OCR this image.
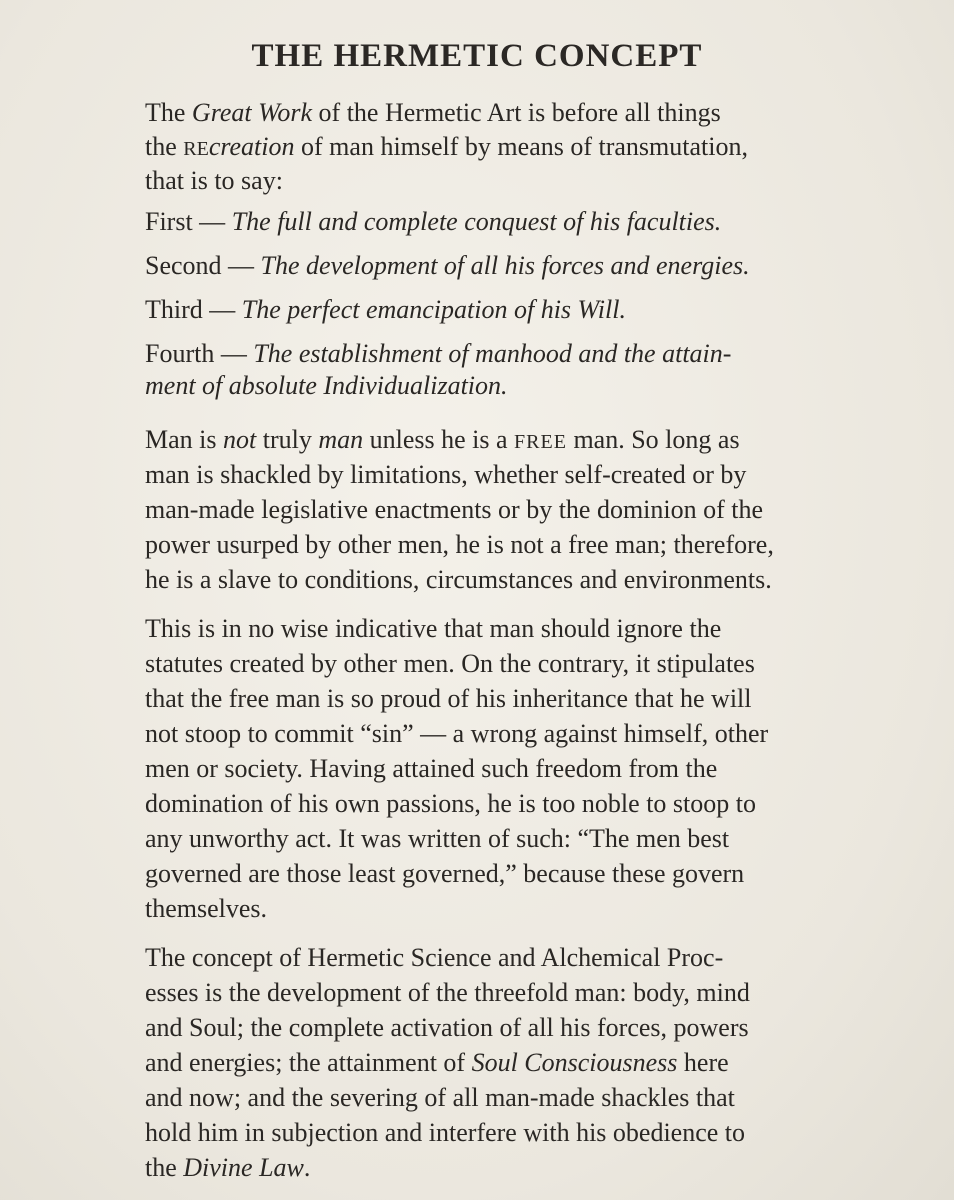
THE HERMETIC CONCEPT
The Great Work of the Hermetic Art is before all things
the REcreation of man himself by means of transmutation,
that is to say:
First — The full and complete conquest of his faculties.
Second — The development of all his forces and energies.
Third — The perfect emancipation of his Will.
Fourth — The establishment of manhood and the attain-
ment of absolute Individualization.
Man is not truly man unless he is a FREE man. So long as
man is shackled by limitations, whether self-created or by
man-made legislative enactments or by the dominion of the
power usurped by other men, he is not a free man; therefore,
he is a slave to conditions, circumstances and environments.
This is in no wise indicative that man should ignore the
statutes created by other men. On the contrary, it stipulates
that the free man is so proud of his inheritance that he will
not stoop to commit “sin” — a wrong against himself, other
men or society. Having attained such freedom from the
domination of his own passions, he is too noble to stoop to
any unworthy act. It was written of such: “The men best
governed are those least governed,” because these govern
themselves.
The concept of Hermetic Science and Alchemical Proc-
esses is the development of the threefold man: body, mind
and Soul; the complete activation of all his forces, powers
and energies; the attainment of Soul Consciousness here
and now; and the severing of all man-made shackles that
hold him in subjection and interfere with his obedience to
the Divine Law.
